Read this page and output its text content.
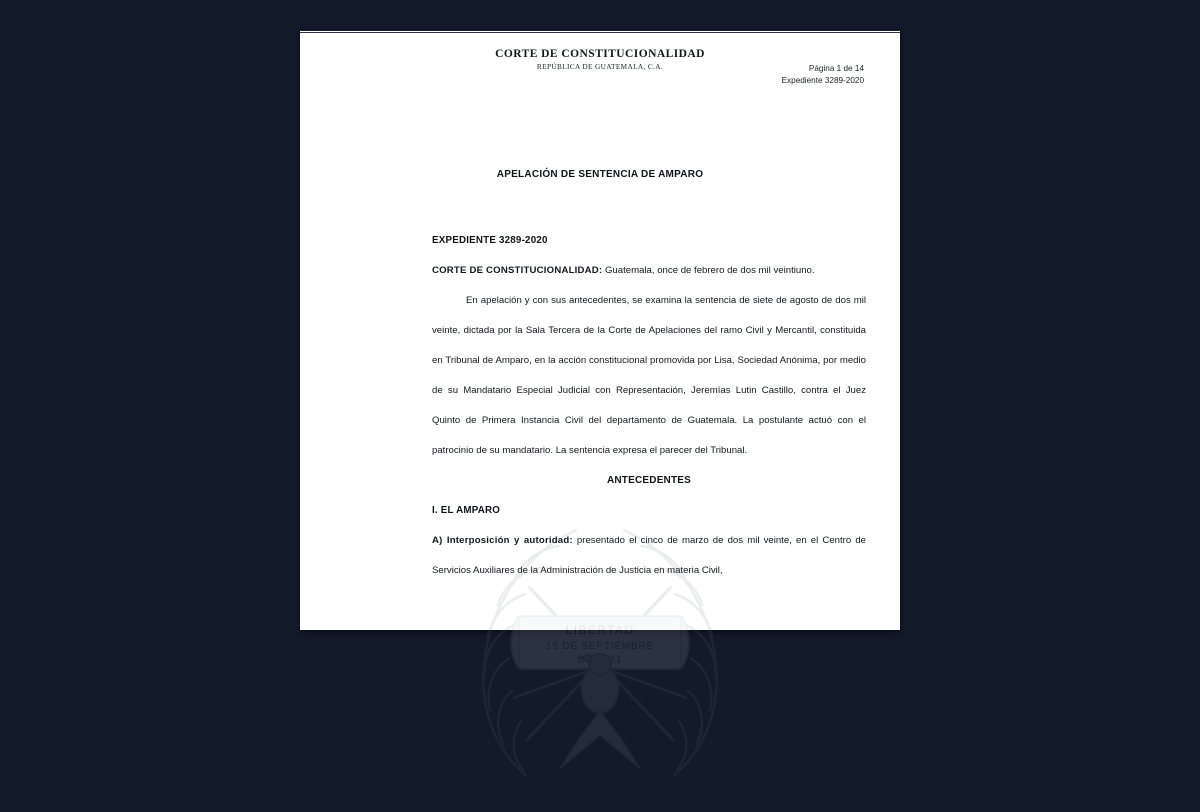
LIBERTAD
15 DE SEPTIEMBRE
DE 1821
CORTE DE CONSTITUCIONALIDAD
REPÚBLICA DE GUATEMALA, C.A.	Página 1 de 14
Expediente 3289-2020
APELACIÓN DE SENTENCIA DE AMPARO

EXPEDIENTE 3289-2020

CORTE DE CONSTITUCIONALIDAD: Guatemala, once de febrero de dos mil veintiuno.

En apelación y con sus antecedentes, se examina la sentencia de siete de agosto de dos mil veinte, dictada por la Sala Tercera de la Corte de Apelaciones del ramo Civil y Mercantil, constituida en Tribunal de Amparo, en la acción constitucional promovida por Lisa, Sociedad Anónima, por medio de su Mandatario Especial Judicial con Representación, Jeremías Lutin Castillo, contra el Juez Quinto de Primera Instancia Civil del departamento de Guatemala. La postulante actuó con el patrocinio de su mandatario. La sentencia expresa el parecer del Tribunal.

ANTECEDENTES

I. EL AMPARO

A) Interposición y autoridad: presentado el cinco de marzo de dos mil veinte, en el Centro de Servicios Auxiliares de la Administración de Justicia en materia Civil,
